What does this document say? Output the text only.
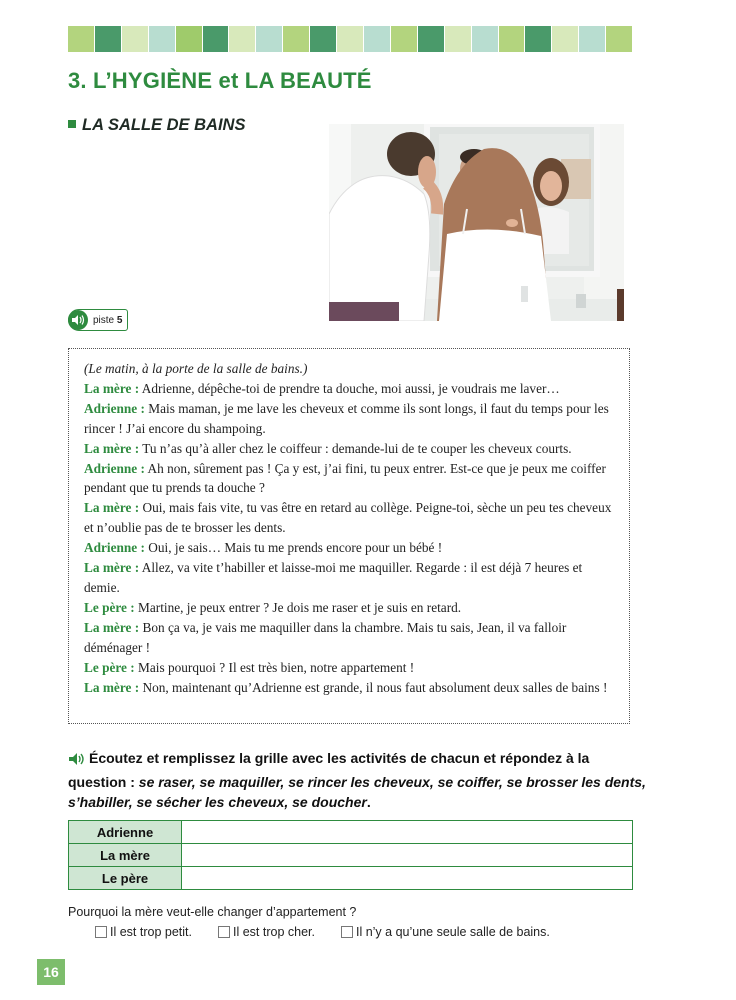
3. L’HYGIÈNE et LA BEAUTÉ
LA SALLE DE BAINS
piste 5

(Le matin, à la porte de la salle de bains.)

La mère : Adrienne, dépêche-toi de prendre ta douche, moi aussi, je voudrais me laver…

Adrienne : Mais maman, je me lave les cheveux et comme ils sont longs, il faut du temps pour les rincer ! J’ai encore du shampoing.

La mère : Tu n’as qu’à aller chez le coiffeur : demande-lui de te couper les cheveux courts.

Adrienne : Ah non, sûrement pas ! Ça y est, j’ai fini, tu peux entrer. Est-ce que je peux me coiffer pendant que tu prends ta douche ?

La mère : Oui, mais fais vite, tu vas être en retard au collège. Peigne-toi, sèche un peu tes cheveux et n’oublie pas de te brosser les dents.

Adrienne : Oui, je sais… Mais tu me prends encore pour un bébé !

La mère : Allez, va vite t’habiller et laisse-moi me maquiller. Regarde : il est déjà 7 heures et demie.

Le père : Martine, je peux entrer ? Je dois me raser et je suis en retard.

La mère : Bon ça va, je vais me maquiller dans la chambre. Mais tu sais, Jean, il va falloir déménager !

Le père : Mais pourquoi ? Il est très bien, notre appartement !

La mère : Non, maintenant qu’Adrienne est grande, il nous faut absolument deux salles de bains !

Écoutez et remplissez la grille avec les activités de chacun et répondez à la question : se raser, se maquiller, se rincer les cheveux, se coiffer, se brosser les dents, s’habiller, se sécher les cheveux, se doucher.

Adrienne	
La mère	
Le père	

Pourquoi la mère veut-elle changer d’appartement ?

Il est trop petit.	Il est trop cher.	Il n’y a qu’une seule salle de bains.
16
